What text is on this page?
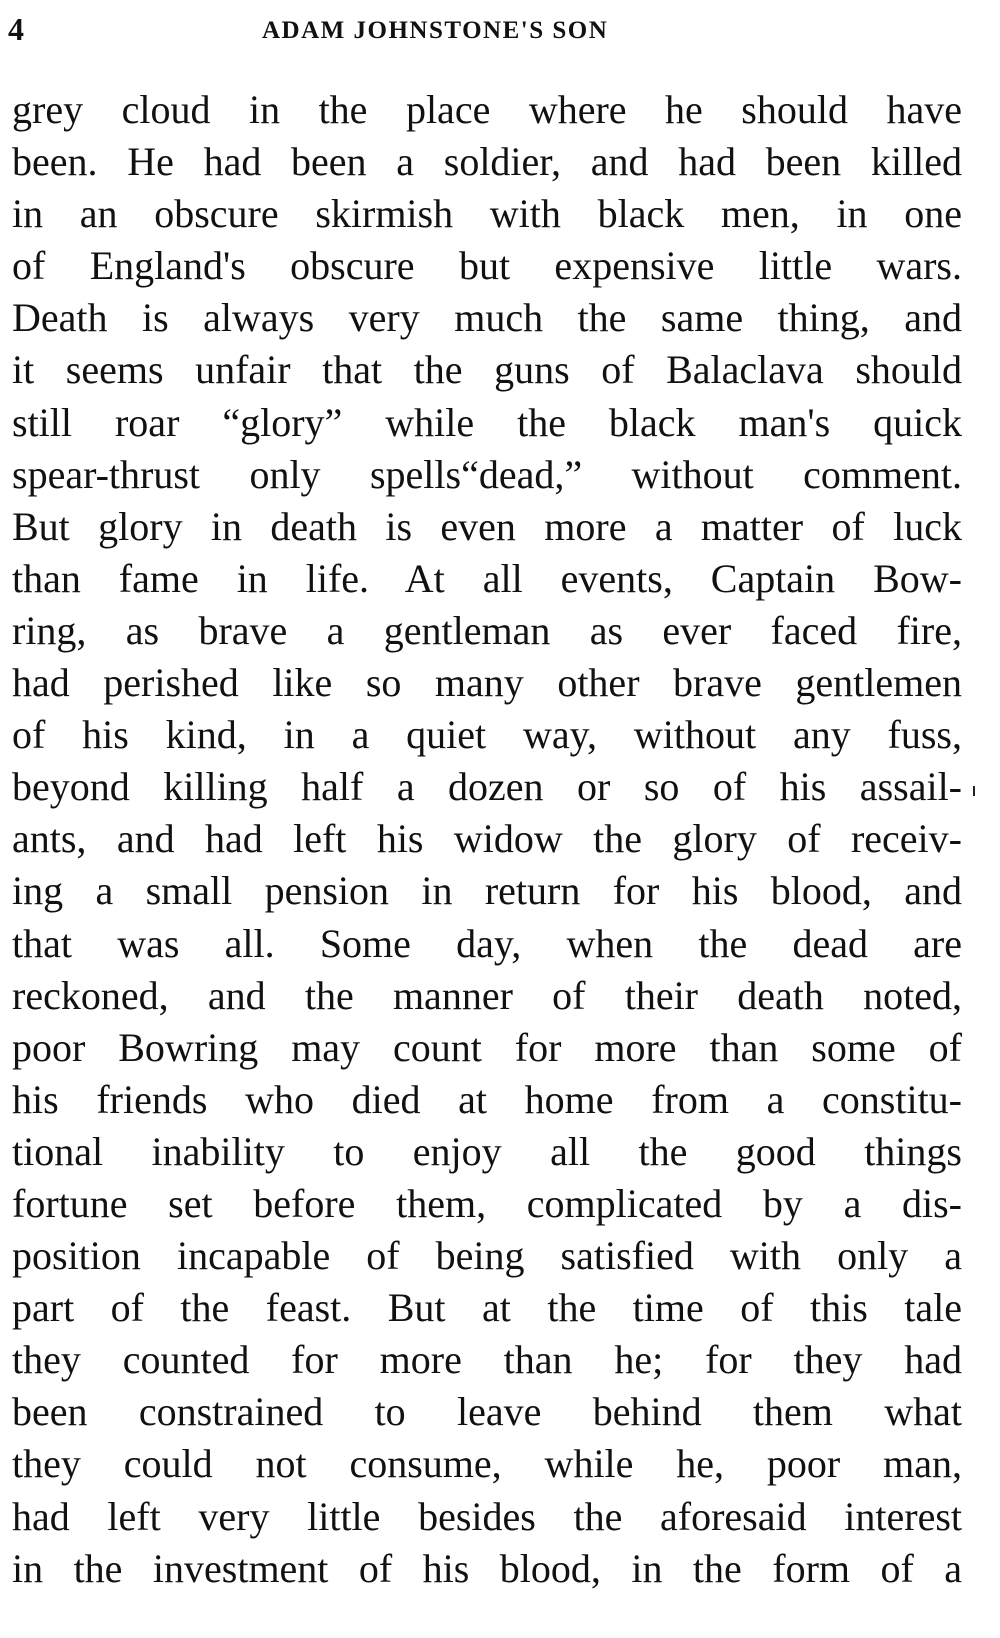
4	ADAM JOHNSTONE'S SON
grey cloud in the place where he should have
been. He had been a soldier, and had been killed
in an obscure skirmish with black men, in one
of England's obscure but expensive little wars.
Death is always very much the same thing, and
it seems unfair that the guns of Balaclava should
still roar “glory” while the black man's quick
spear-thrust only spells“dead,” without comment.
But glory in death is even more a matter of luck
than fame in life. At all events, Captain Bow-
ring, as brave a gentleman as ever faced fire,
had perished like so many other brave gentlemen
of his kind, in a quiet way, without any fuss,
beyond killing half a dozen or so of his assail-
ants, and had left his widow the glory of receiv-
ing a small pension in return for his blood, and
that was all. Some day, when the dead are
reckoned, and the manner of their death noted,
poor Bowring may count for more than some of
his friends who died at home from a constitu-
tional inability to enjoy all the good things
fortune set before them, complicated by a dis-
position incapable of being satisfied with only a
part of the feast. But at the time of this tale
they counted for more than he; for they had
been constrained to leave behind them what
they could not consume, while he, poor man,
had left very little besides the aforesaid interest
in the investment of his blood, in the form of a
